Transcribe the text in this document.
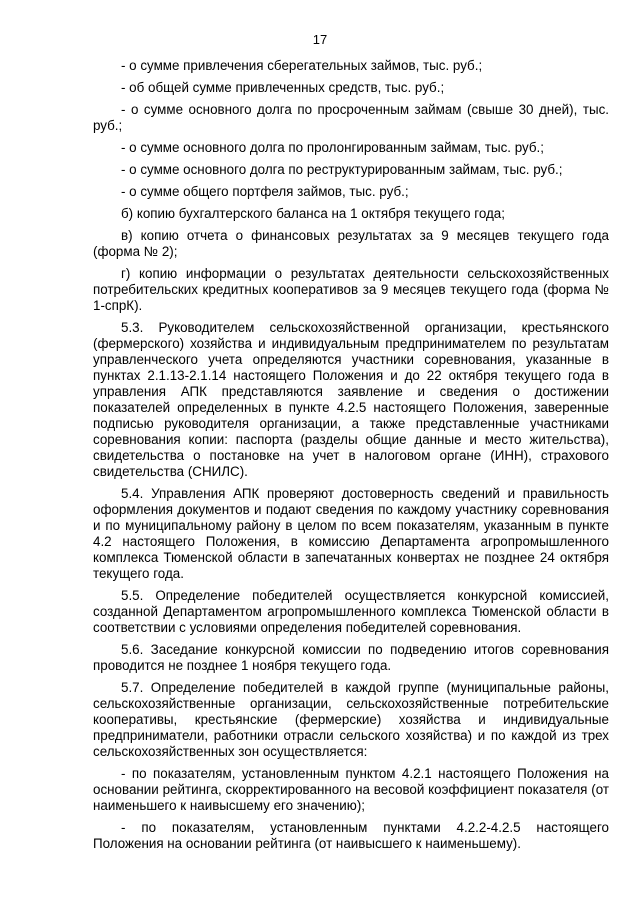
17

- о сумме привлечения сберегательных займов, тыс. руб.;

- об общей сумме привлеченных средств, тыс. руб.;

- о сумме основного долга по просроченным займам (свыше 30 дней), тыс. руб.;

- о сумме основного долга по пролонгированным займам, тыс. руб.;

- о сумме основного долга по реструктурированным займам, тыс. руб.;

- о сумме общего портфеля займов, тыс. руб.;

б) копию бухгалтерского баланса на 1 октября текущего года;

в) копию отчета о финансовых результатах за 9 месяцев текущего года (форма № 2);

г) копию информации о результатах деятельности сельскохозяйственных потребительских кредитных кооперативов за 9 месяцев текущего года (форма № 1-спрК).

5.3. Руководителем сельскохозяйственной организации, крестьянского (фермерского) хозяйства и индивидуальным предпринимателем по результатам управленческого учета определяются участники соревнования, указанные в пунктах 2.1.13-2.1.14 настоящего Положения и до 22 октября текущего года в управления АПК представляются заявление и сведения о достижении показателей определенных в пункте 4.2.5 настоящего Положения, заверенные подписью руководителя организации, а также представленные участниками соревнования копии: паспорта (разделы общие данные и место жительства), свидетельства о постановке на учет в налоговом органе (ИНН), страхового свидетельства (СНИЛС).

5.4. Управления АПК проверяют достоверность сведений и правильность оформления документов и подают сведения по каждому участнику соревнования и по муниципальному району в целом по всем показателям, указанным в пункте 4.2 настоящего Положения, в комиссию Департамента агропромышленного комплекса Тюменской области в запечатанных конвертах не позднее 24 октября текущего года.

5.5. Определение победителей осуществляется конкурсной комиссией, созданной Департаментом агропромышленного комплекса Тюменской области в соответствии с условиями определения победителей соревнования.

5.6. Заседание конкурсной комиссии по подведению итогов соревнования проводится не позднее 1 ноября текущего года.

5.7. Определение победителей в каждой группе (муниципальные районы, сельскохозяйственные организации, сельскохозяйственные потребительские кооперативы, крестьянские (фермерские) хозяйства и индивидуальные предприниматели, работники отрасли сельского хозяйства) и по каждой из трех сельскохозяйственных зон осуществляется:

- по показателям, установленным пунктом 4.2.1 настоящего Положения на основании рейтинга, скорректированного на весовой коэффициент показателя (от наименьшего к наивысшему его значению);

- по показателям, установленным пунктами 4.2.2-4.2.5 настоящего Положения на основании рейтинга (от наивысшего к наименьшему).
